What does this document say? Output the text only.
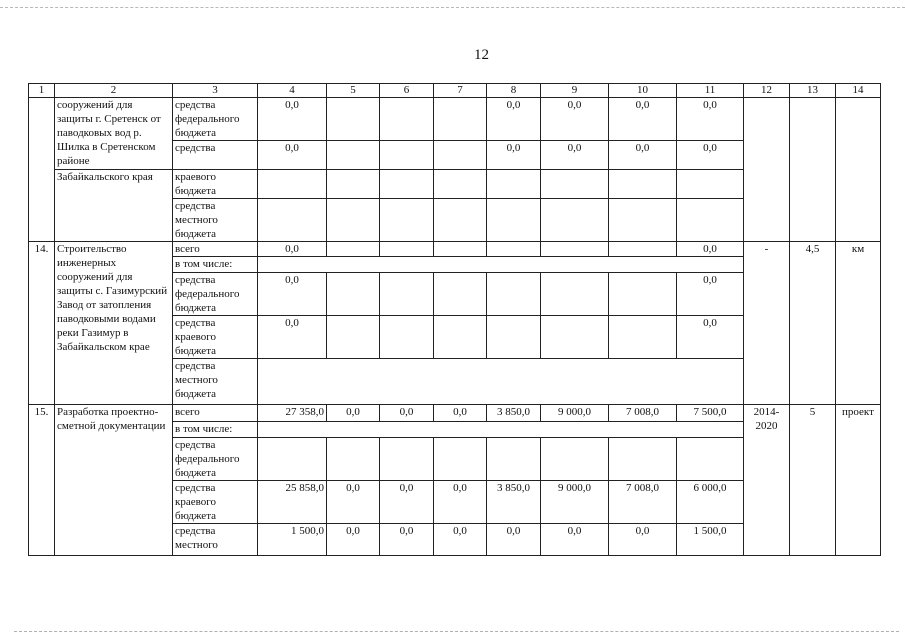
12
1	2	3	4	5	6	7	8	9	10	11	12	13	14
	сооружений для защиты г. Сретенск от паводковых вод р. Шилка в Сретенском районе	средства федерального бюджета	0,0				0,0	0,0	0,0	0,0			
		средства	0,0				0,0	0,0	0,0	0,0			
	Забайкальского края	краевого бюджета											
		средства местного бюджета											
14.	Строительство инженерных сооружений для защиты с. Газимурский Завод от затопления паводковыми водами реки Газимур в Забайкальском крае	всего	0,0							0,0	-	4,5	км
		в том числе:											
		средства федерального бюджета	0,0							0,0			
		средства краевого бюджета	0,0							0,0			
		средства местного бюджета											
15.	Разработка проектно-сметной документации	всего	27 358,0	0,0	0,0	0,0	3 850,0	9 000,0	7 008,0	7 500,0	2014-2020	5	проект
		в том числе:											
		средства федерального бюджета											
		средства краевого бюджета	25 858,0	0,0	0,0	0,0	3 850,0	9 000,0	7 008,0	6 000,0			
		средства местного	1 500,0	0,0	0,0	0,0	0,0	0,0	0,0	1 500,0			
